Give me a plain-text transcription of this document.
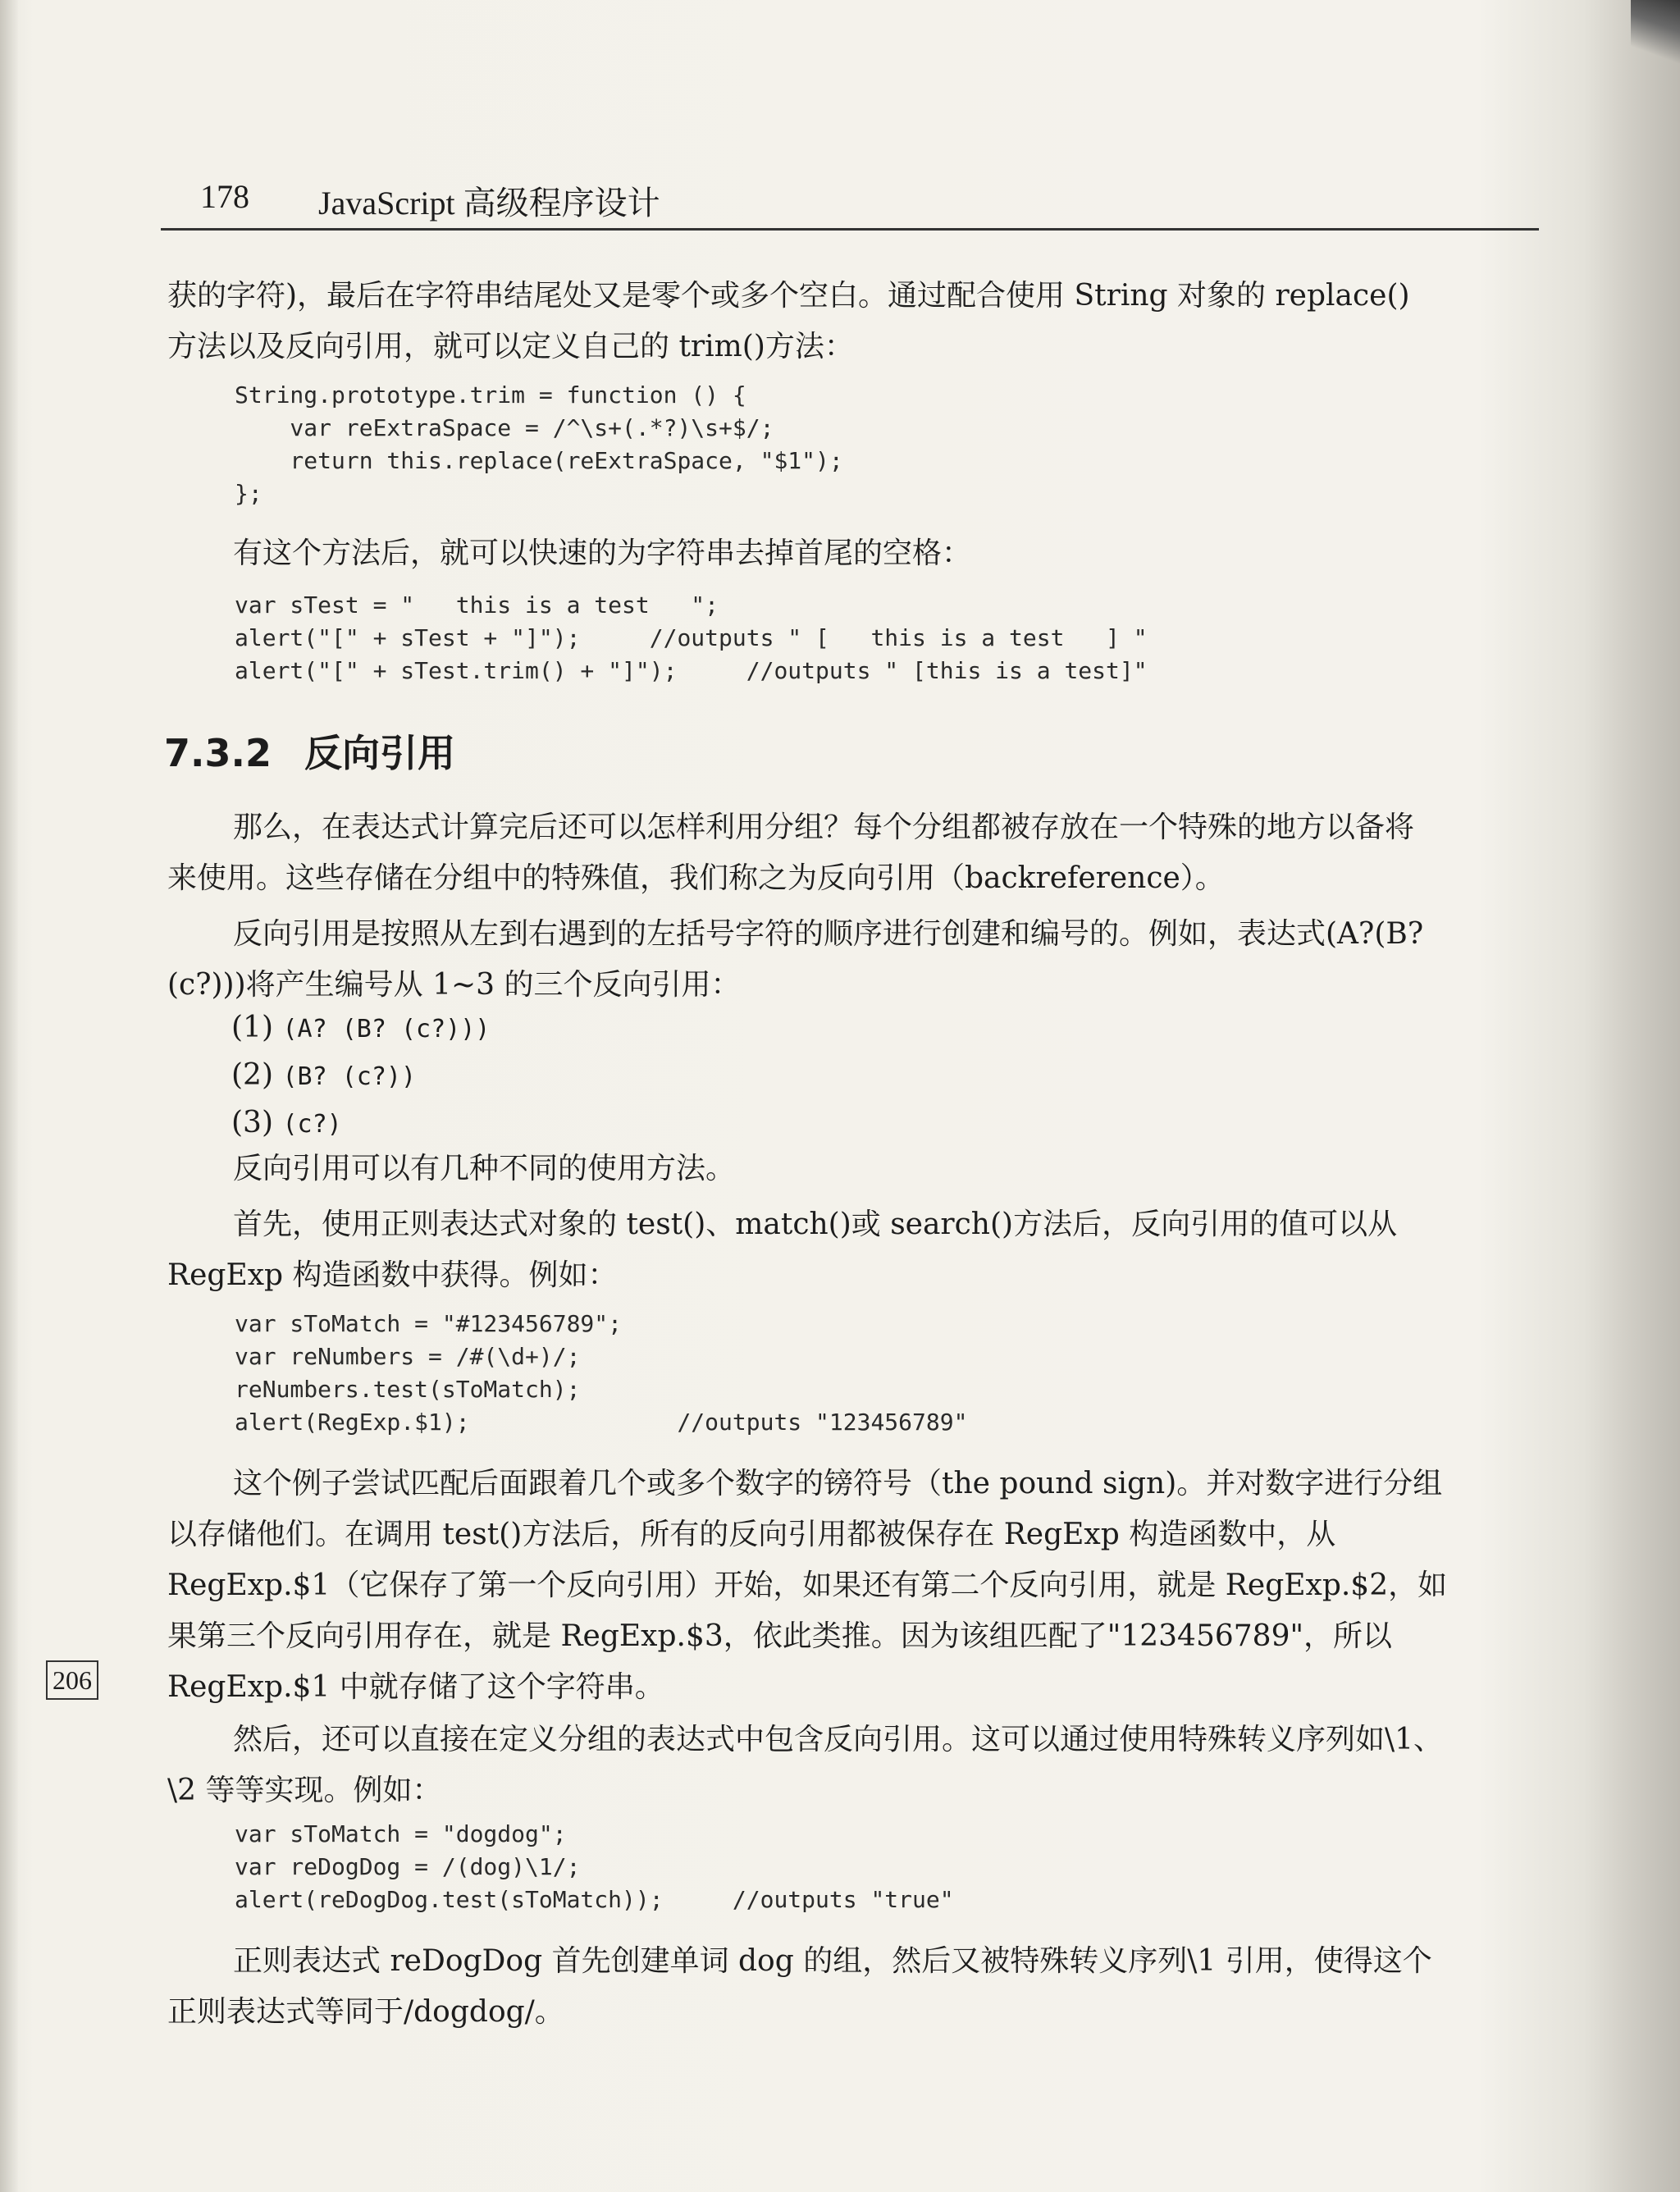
178 JavaScript 高级程序设计

获的字符)，最后在字符串结尾处又是零个或多个空白。通过配合使用 String 对象的 replace()

方法以及反向引用，就可以定义自己的 trim()方法：

String.prototype.trim = function () {
var reExtraSpace = /^\s+(.*?)\s+$/;
return this.replace(reExtraSpace, "$1");
};

有这个方法后，就可以快速的为字符串去掉首尾的空格：

var sTest = "   this is a test   ";
alert("[" + sTest + "]");     //outputs " [   this is a test   ] "
alert("[" + sTest.trim() + "]");     //outputs " [this is a test]"
7.3.2 反向引用

那么，在表达式计算完后还可以怎样利用分组？每个分组都被存放在一个特殊的地方以备将

来使用。这些存储在分组中的特殊值，我们称之为反向引用（backreference）。

反向引用是按照从左到右遇到的左括号字符的顺序进行创建和编号的。例如，表达式(A?(B?

(c?)))将产生编号从 1~3 的三个反向引用：

(1) (A? (B? (c?)))
(2) (B? (c?))
(3) (c?)

反向引用可以有几种不同的使用方法。

首先，使用正则表达式对象的 test()、match()或 search()方法后，反向引用的值可以从

RegExp 构造函数中获得。例如：

var sToMatch = "#123456789";
var reNumbers = /#(\d+)/;
reNumbers.test(sToMatch);
alert(RegExp.$1);               //outputs "123456789"

这个例子尝试匹配后面跟着几个或多个数字的镑符号（the pound sign)。并对数字进行分组

以存储他们。在调用 test()方法后，所有的反向引用都被保存在 RegExp 构造函数中，从

RegExp.$1（它保存了第一个反向引用）开始，如果还有第二个反向引用，就是 RegExp.$2，如

果第三个反向引用存在，就是 RegExp.$3，依此类推。因为该组匹配了"123456789"，所以

RegExp.$1 中就存储了这个字符串。

206

然后，还可以直接在定义分组的表达式中包含反向引用。这可以通过使用特殊转义序列如\1、

\2 等等实现。例如：

var sToMatch = "dogdog";
var reDogDog = /(dog)\1/;
alert(reDogDog.test(sToMatch));     //outputs "true"

正则表达式 reDogDog 首先创建单词 dog 的组，然后又被特殊转义序列\1 引用，使得这个

正则表达式等同于/dogdog/。
